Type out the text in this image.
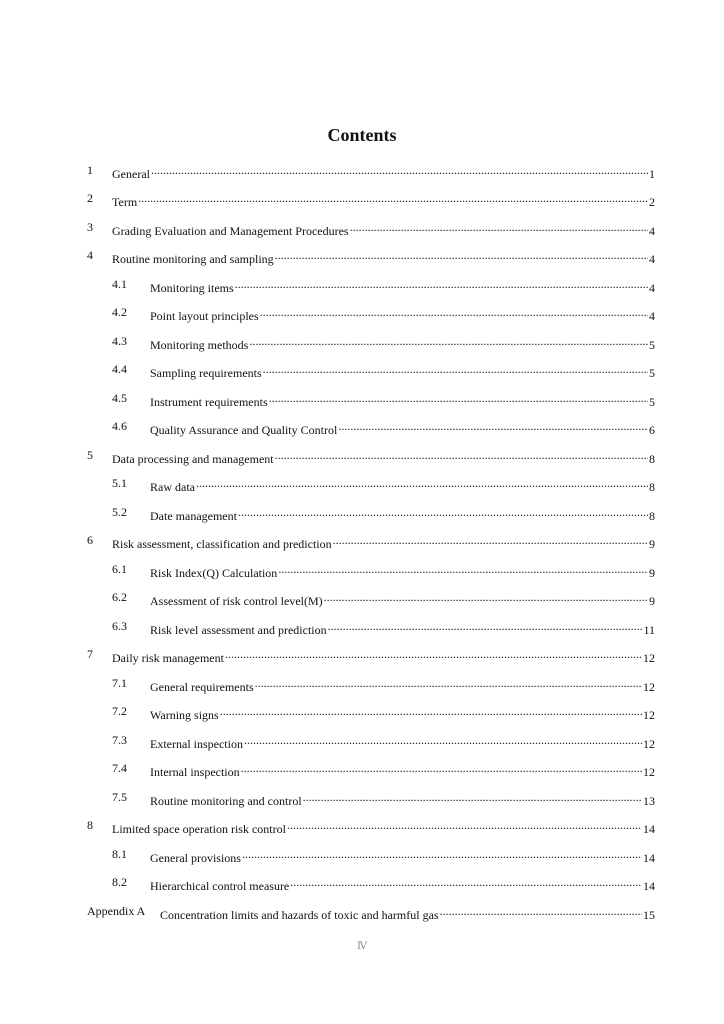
Contents
1 General .....	1
2 Term .....	2
3 Grading Evaluation and Management Procedures .....	4
4 Routine monitoring and sampling .....	4
4.1 Monitoring items .....	4
4.2 Point layout principles .....	4
4.3 Monitoring methods .....	5
4.4 Sampling requirements .....	5
4.5 Instrument requirements .....	5
4.6 Quality Assurance and Quality Control .....	6
5 Data processing and management .....	8
5.1 Raw data .....	8
5.2 Date management .....	8
6 Risk assessment, classification and prediction .....	9
6.1 Risk Index(Q) Calculation .....	9
6.2 Assessment of risk control level(M) .....	9
6.3 Risk level assessment and prediction .....	11
7 Daily risk management .....	12
7.1 General requirements .....	12
7.2 Warning signs .....	12
7.3 External inspection .....	12
7.4 Internal inspection .....	12
7.5 Routine monitoring and control .....	13
8 Limited space operation risk control .....	14
8.1 General provisions .....	14
8.2 Hierarchical control measure .....	14
Appendix A Concentration limits and hazards of toxic and harmful gas .....	15
Ⅳ
